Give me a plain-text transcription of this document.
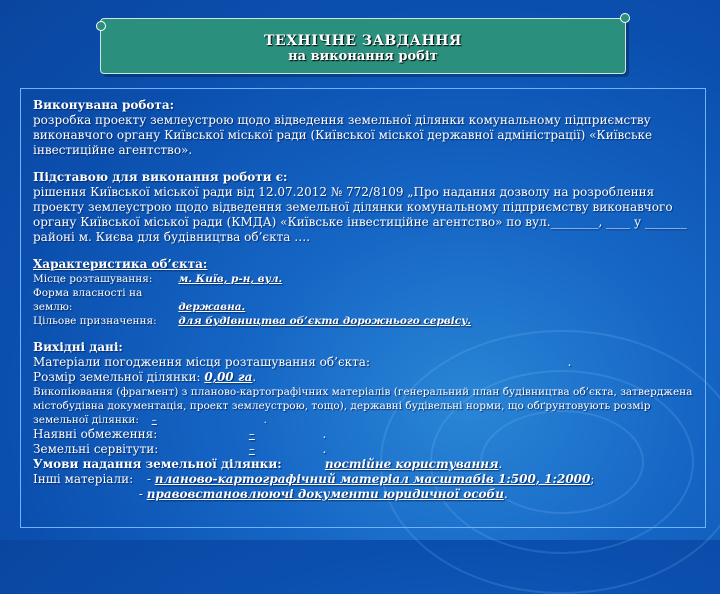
ТЕХНІЧНЕ ЗАВДАННЯ
на виконання робіт
Виконувана робота:
розробка проекту землеустрою щодо відведення земельної ділянки комунальному підприємству виконавчого органу Київської міської ради (Київської міської державної адміністрації) «Київське інвестиційне агентство».
Підставою для виконання роботи є:
рішення Київської міської ради від 12.07.2012 № 772/8109 „Про надання дозволу на розроблення проекту землеустрою щодо відведення земельної ділянки комунальному підприємству виконавчого органу Київської міської ради (КМДА) «Київське інвестиційне агентство» по вул.________, ____ у _______ районі м. Києва для будівництва об’єкта ….
Характеристика об’єкта:
Місце розташування: м. Київ, р-н, вул.
Форма власності на землю:	державна.
Цільове призначення: для будівництва об’єкта дорожнього сервісу.
Вихідні дані:
Матеріали погодження місця розташування об’єкта:	.
Розмір земельної ділянки: 0,00 га.
Викопіювання (фрагмент) з планово-картографічних матеріалів (генеральний план будівництва об’єкта, затверджена містобудівна документація, проект землеустрою, тощо), державні будівельні норми, що обґрунтовують розмір земельної ділянки: –	.
Наявні обмеження:	–	.
Земельні сервітути:	–	.
Умови надання земельної ділянки:	постійне користування.
Інші матеріали: - планово-картографічний матеріал масштабів 1:500, 1:2000;
- правовстановлюючі документи юридичної особи.
